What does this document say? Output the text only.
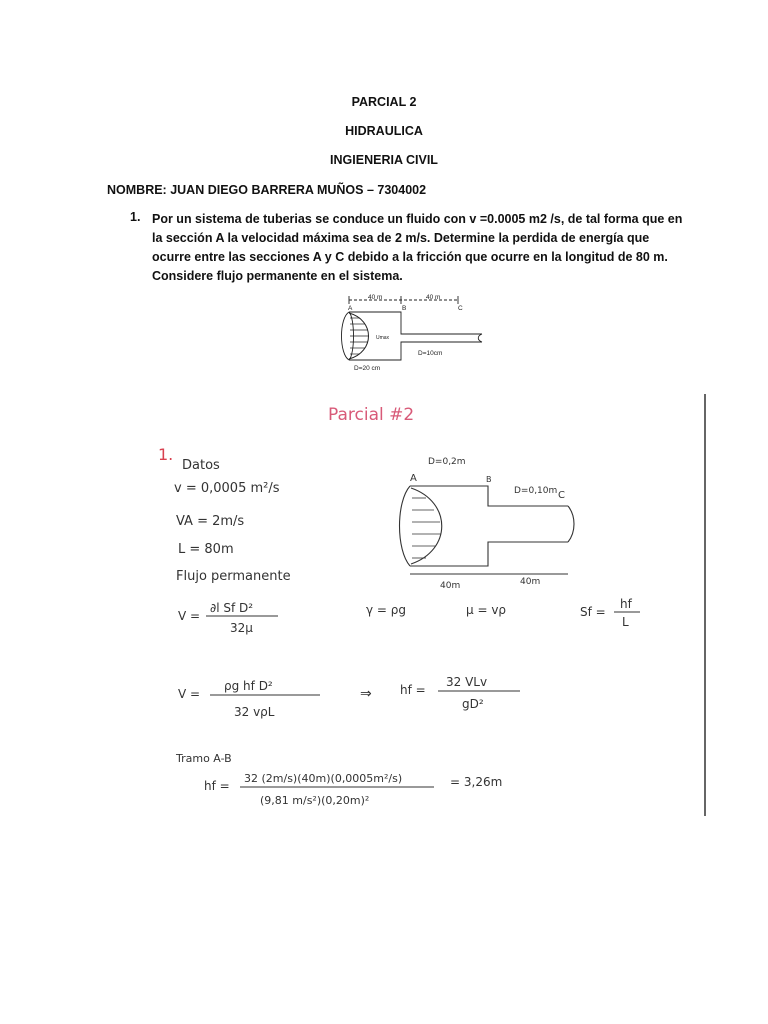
PARCIAL 2
HIDRAULICA
INGIENERIA CIVIL
NOMBRE: JUAN DIEGO BARRERA MUÑOS – 7304002
1. Por un sistema de tuberias se conduce un fluido con v =0.0005 m2 /s, de tal forma que en
la sección A la velocidad máxima sea de 2 m/s. Determine la perdida de energía que
ocurre entre las secciones A y C debido a la fricción que ocurre en la longitud de 80 m.
Considere flujo permanente en el sistema.
40 m	40 m
A	B	C
Umax
D=10cm
D=20 cm
Parcial #2
1.
Datos
v = 0,0005 m²/s
VA = 2m/s
L = 80m
Flujo permanente
A	B
C
D=0,2m
D=0,10m
40m	40m
V =
∂l Sf D²
32μ
γ = ρg	μ = vρ	Sf =
hf
L
V =
ρg hf D²
32 vρL
⇒ hf =
32 VLv
gD²
Tramo A-B
hf =
32 (2m/s)(40m)(0,0005m²/s)
(9,81 m/s²)(0,20m)²
= 3,26m
